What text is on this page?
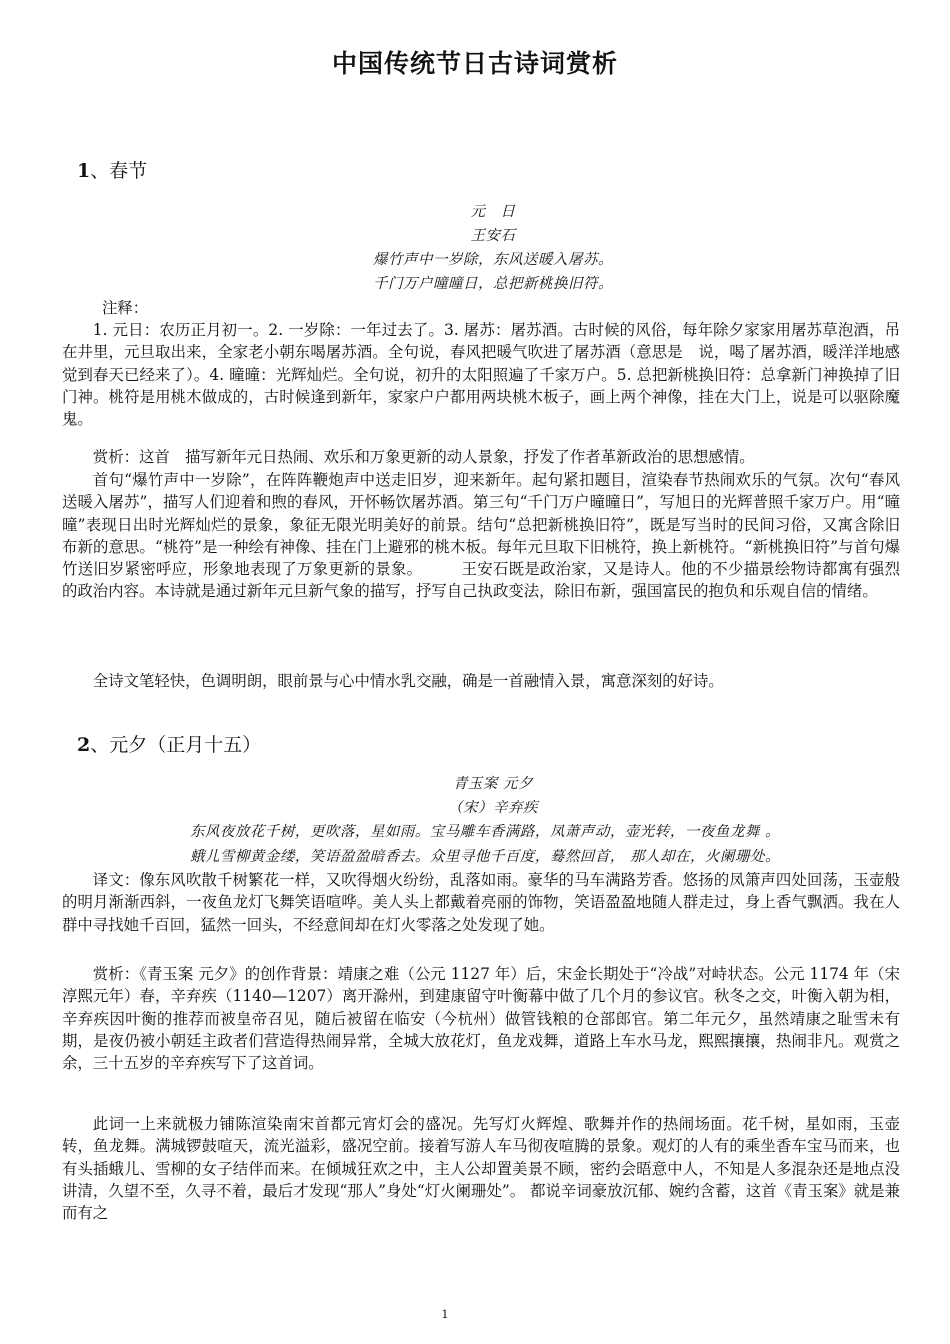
中国传统节日古诗词赏析
1、春节
元　日
王安石
爆竹声中一岁除，东风送暖入屠苏。
千门万户曈曈日，总把新桃换旧符。
注释：
1. 元日：农历正月初一。2. 一岁除：一年过去了。3. 屠苏：屠苏酒。古时候的风俗，每年除夕家家用屠苏草泡酒，吊在井里，元旦取出来，全家老小朝东喝屠苏酒。全句说，春风把暖气吹进了屠苏酒（意思是　说，喝了屠苏酒，暖洋洋地感觉到春天已经来了）。4. 曈曈：光辉灿烂。全句说，初升的太阳照遍了千家万户。5. 总把新桃换旧符：总拿新门神换掉了旧门神。桃符是用桃木做成的，古时候逢到新年，家家户户都用两块桃木板子，画上两个神像，挂在大门上，说是可以驱除魔鬼。
赏析：这首　描写新年元日热闹、欢乐和万象更新的动人景象，抒发了作者革新政治的思想感情。
首句“爆竹声中一岁除”，在阵阵鞭炮声中送走旧岁，迎来新年。起句紧扣题目，渲染春节热闹欢乐的气氛。次句“春风送暖入屠苏”，描写人们迎着和煦的春风，开怀畅饮屠苏酒。第三句“千门万户曈曈日”，写旭日的光辉普照千家万户。用“曈曈”表现日出时光辉灿烂的景象，象征无限光明美好的前景。结句“总把新桃换旧符”，既是写当时的民间习俗，又寓含除旧布新的意思。“桃符”是一种绘有神像、挂在门上避邪的桃木板。每年元旦取下旧桃符，换上新桃符。“新桃换旧符”与首句爆竹送旧岁紧密呼应，形象地表现了万象更新的景象。　　　王安石既是政治家，又是诗人。他的不少描景绘物诗都寓有强烈的政治内容。本诗就是通过新年元旦新气象的描写，抒写自己执政变法，除旧布新，强国富民的抱负和乐观自信的情绪。
全诗文笔轻快，色调明朗，眼前景与心中情水乳交融，确是一首融情入景，寓意深刻的好诗。
2、元夕（正月十五）
青玉案 元夕
（宋）辛弃疾
东风夜放花千树，更吹落，星如雨。宝马雕车香满路，凤萧声动，壶光转，一夜鱼龙舞 。
蛾儿雪柳黄金缕，笑语盈盈暗香去。众里寻他千百度，蓦然回首， 那人却在，火阑珊处。
译文：像东风吹散千树繁花一样，又吹得烟火纷纷，乱落如雨。豪华的马车满路芳香。悠扬的凤箫声四处回荡，玉壶般的明月渐渐西斜，一夜鱼龙灯飞舞笑语喧哗。美人头上都戴着亮丽的饰物，笑语盈盈地随人群走过，身上香气飘洒。我在人群中寻找她千百回，猛然一回头，不经意间却在灯火零落之处发现了她。
赏析：《青玉案 元夕》的创作背景：靖康之难（公元 1127 年）后，宋金长期处于“冷战”对峙状态。公元 1174 年（宋淳熙元年）春，辛弃疾（1140—1207）离开滁州，到建康留守叶衡幕中做了几个月的参议官。秋冬之交，叶衡入朝为相，辛弃疾因叶衡的推荐而被皇帝召见，随后被留在临安（今杭州）做管钱粮的仓部郎官。第二年元夕，虽然靖康之耻雪未有期，是夜仍被小朝廷主政者们营造得热闹异常，全城大放花灯，鱼龙戏舞，道路上车水马龙，熙熙攘攘，热闹非凡。观赏之余，三十五岁的辛弃疾写下了这首词。
此词一上来就极力铺陈渲染南宋首都元宵灯会的盛况。先写灯火辉煌、歌舞并作的热闹场面。花千树，星如雨，玉壶转，鱼龙舞。满城锣鼓喧天，流光溢彩，盛况空前。接着写游人车马彻夜喧腾的景象。观灯的人有的乘坐香车宝马而来，也有头插蛾儿、雪柳的女子结伴而来。在倾城狂欢之中，主人公却置美景不顾，密约会晤意中人，不知是人多混杂还是地点没讲清，久望不至，久寻不着，最后才发现“那人”身处“灯火阑珊处”。 都说辛词豪放沉郁、婉约含蓄，这首《青玉案》就是兼而有之
1
